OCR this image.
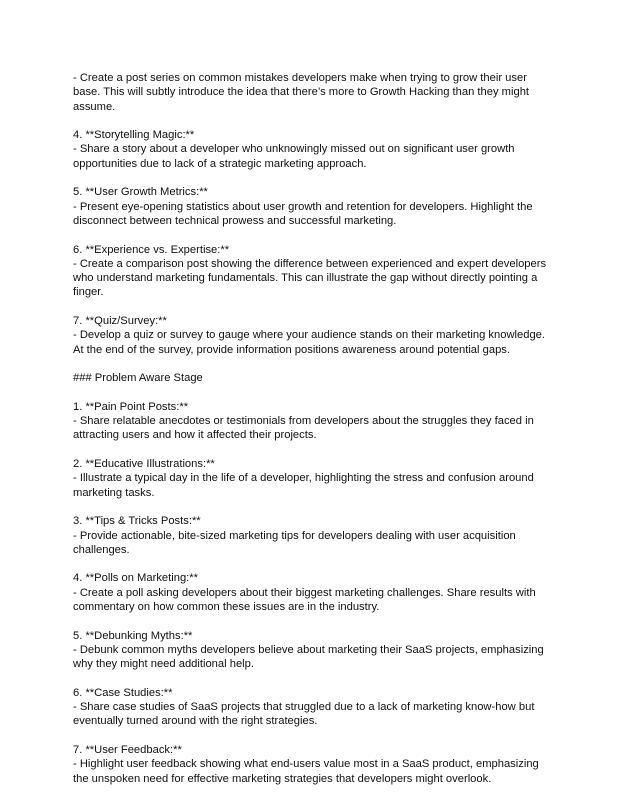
- Create a post series on common mistakes developers make when trying to grow their user
base. This will subtly introduce the idea that there’s more to Growth Hacking than they might
assume.
4. **Storytelling Magic:**
- Share a story about a developer who unknowingly missed out on significant user growth
opportunities due to lack of a strategic marketing approach.
5. **User Growth Metrics:**
- Present eye-opening statistics about user growth and retention for developers. Highlight the
disconnect between technical prowess and successful marketing.
6. **Experience vs. Expertise:**
- Create a comparison post showing the difference between experienced and expert developers
who understand marketing fundamentals. This can illustrate the gap without directly pointing a
finger.
7. **Quiz/Survey:**
- Develop a quiz or survey to gauge where your audience stands on their marketing knowledge.
At the end of the survey, provide information positions awareness around potential gaps.
### Problem Aware Stage
1. **Pain Point Posts:**
- Share relatable anecdotes or testimonials from developers about the struggles they faced in
attracting users and how it affected their projects.
2. **Educative Illustrations:**
- Illustrate a typical day in the life of a developer, highlighting the stress and confusion around
marketing tasks.
3. **Tips & Tricks Posts:**
- Provide actionable, bite-sized marketing tips for developers dealing with user acquisition
challenges.
4. **Polls on Marketing:**
- Create a poll asking developers about their biggest marketing challenges. Share results with
commentary on how common these issues are in the industry.
5. **Debunking Myths:**
- Debunk common myths developers believe about marketing their SaaS projects, emphasizing
why they might need additional help.
6. **Case Studies:**
- Share case studies of SaaS projects that struggled due to a lack of marketing know-how but
eventually turned around with the right strategies.
7. **User Feedback:**
- Highlight user feedback showing what end-users value most in a SaaS product, emphasizing
the unspoken need for effective marketing strategies that developers might overlook.
